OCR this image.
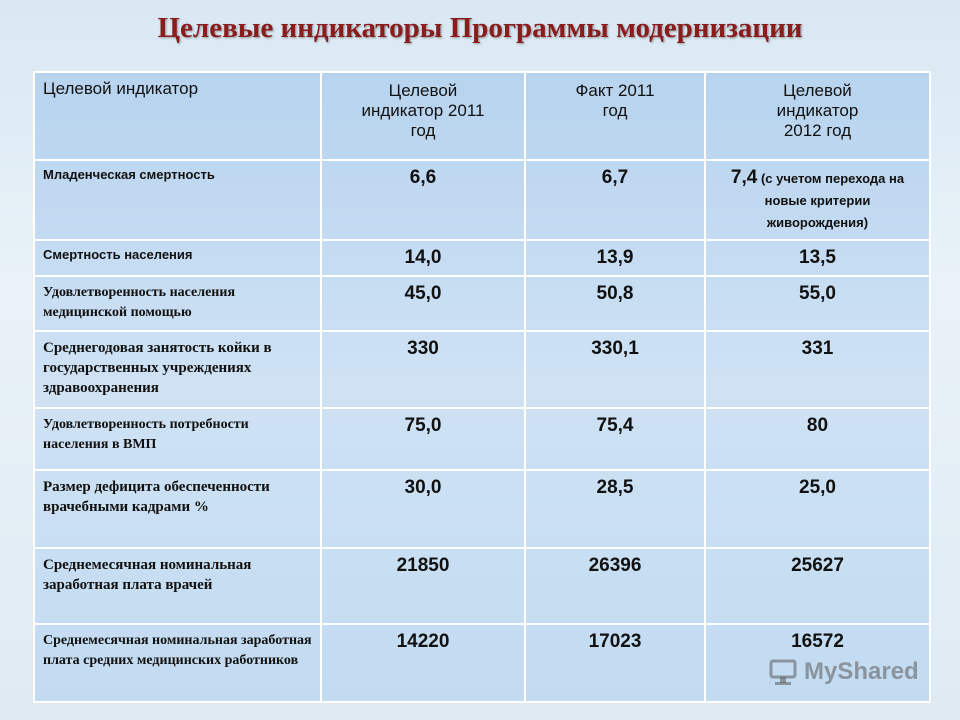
Целевые индикаторы Программы модернизации
Целевой индикатор	Целевой индикатор 2011 год	Факт 2011 год	Целевой индикатор 2012 год
Младенческая смертность	6,6	6,7	7,4 (с учетом перехода на новые критерии живорождения)
Смертность населения	14,0	13,9	13,5
Удовлетворенность населения медицинской помощью	45,0	50,8	55,0
Среднегодовая занятость койки в государственных учреждениях здравоохранения	330	330,1	331
Удовлетворенность потребности населения в ВМП	75,0	75,4	80
Размер дефицита обеспеченности врачебными кадрами %	30,0	28,5	25,0
Среднемесячная номинальная заработная плата врачей	21850	26396	25627
Среднемесячная номинальная заработная плата средних медицинских работников	14220	17023	16572
MyShared
